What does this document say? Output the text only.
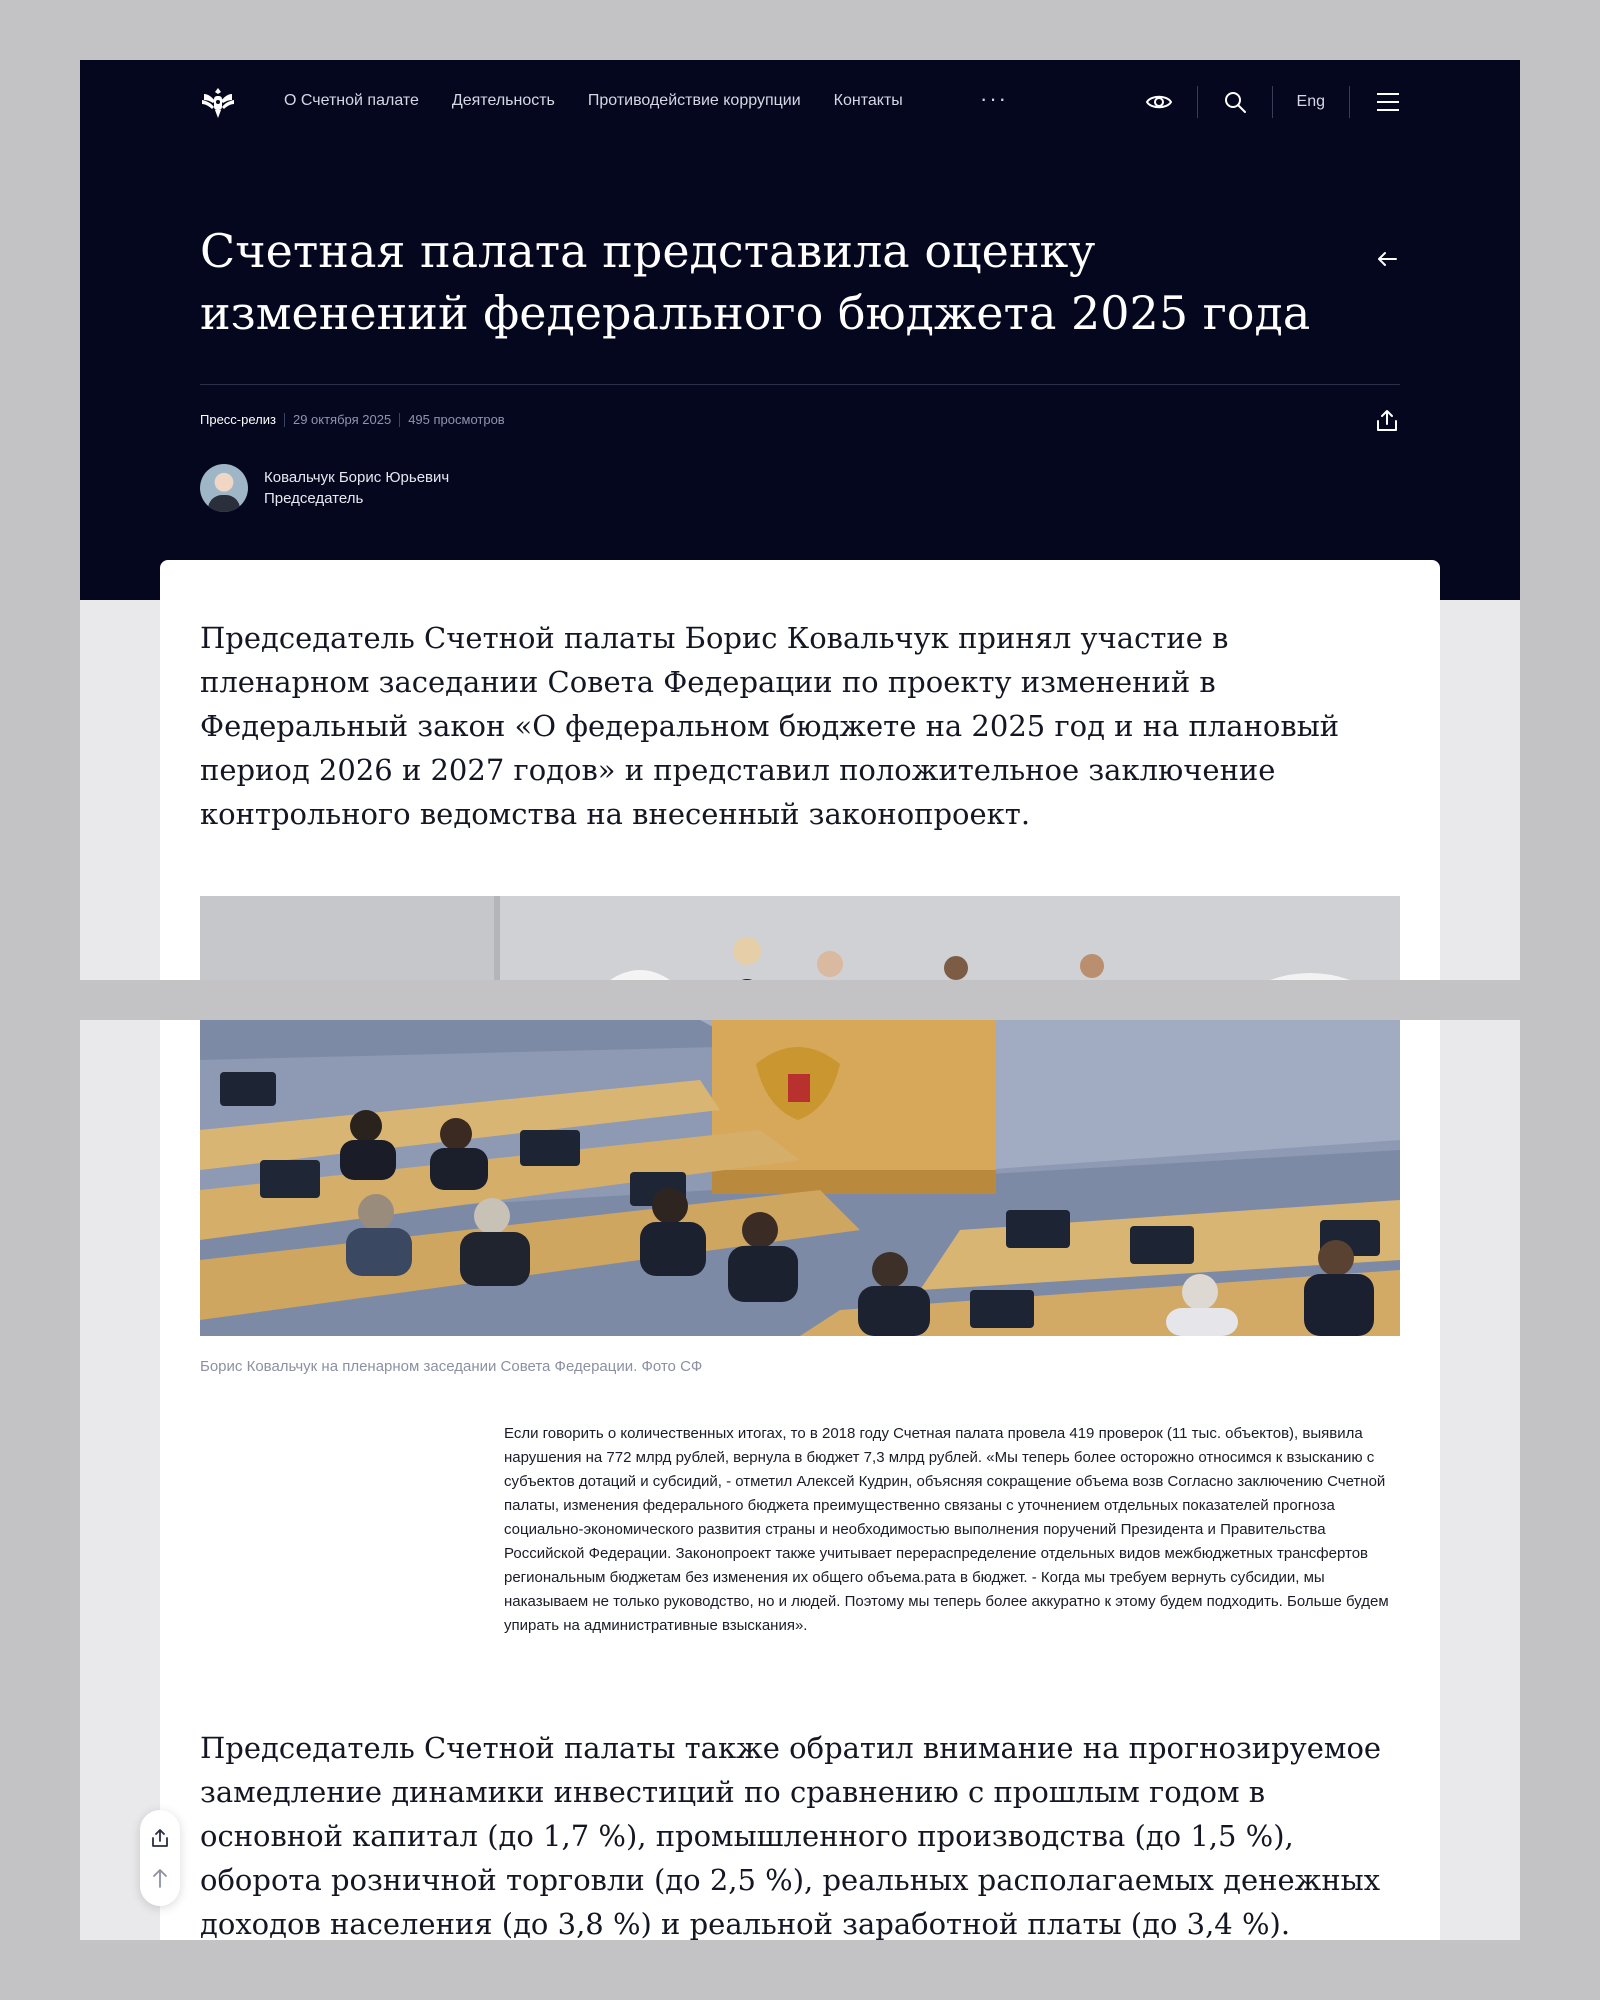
О Счетной палате Деятельность Противодействие коррупции Контакты	···	Eng
Счетная палата представила оценку изменений федерального бюджета 2025 года
Пресс-релиз 29 октября 2025 495 просмотров
Ковальчук Борис Юрьевич
Председатель

Председатель Счетной палаты Борис Ковальчук принял участие в пленарном заседании Совета Федерации по проекту изменений в Федеральный закон «О федеральном бюджете на 2025 год и на плановый период 2026 и 2027 годов» и представил положительное заключение контрольного ведомства на внесенный законопроект.

Борис Ковальчук на пленарном заседании Совета Федерации. Фото СФ

Если говорить о количественных итогах, то в 2018 году Счетная палата провела 419 проверок (11 тыс. объектов), выявила нарушения на 772 млрд рублей, вернула в бюджет 7,3 млрд рублей. «Мы теперь более осторожно относимся к взысканию с субъектов дотаций и субсидий, - отметил Алексей Кудрин, объясняя сокращение объема возв Согласно заключению Счетной палаты, изменения федерального бюджета преимущественно связаны с уточнением отдельных показателей прогноза социально-экономического развития страны и необходимостью выполнения поручений Президента и Правительства Российской Федерации. Законопроект также учитывает перераспределение отдельных видов межбюджетных трансфертов региональным бюджетам без изменения их общего объема.рата в бюджет. - Когда мы требуем вернуть субсидии, мы наказываем не только руководство, но и людей. Поэтому мы теперь более аккуратно к этому будем подходить. Больше будем упирать на административные взыскания».

Председатель Счетной палаты также обратил внимание на прогнозируемое замедление динамики инвестиций по сравнению с прошлым годом в основной капитал (до 1,7 %), промышленного производства (до 1,5 %), оборота розничной торговли (до 2,5 %), реальных располагаемых денежных доходов населения (до 3,8 %) и реальной заработной платы (до 3,4 %).
